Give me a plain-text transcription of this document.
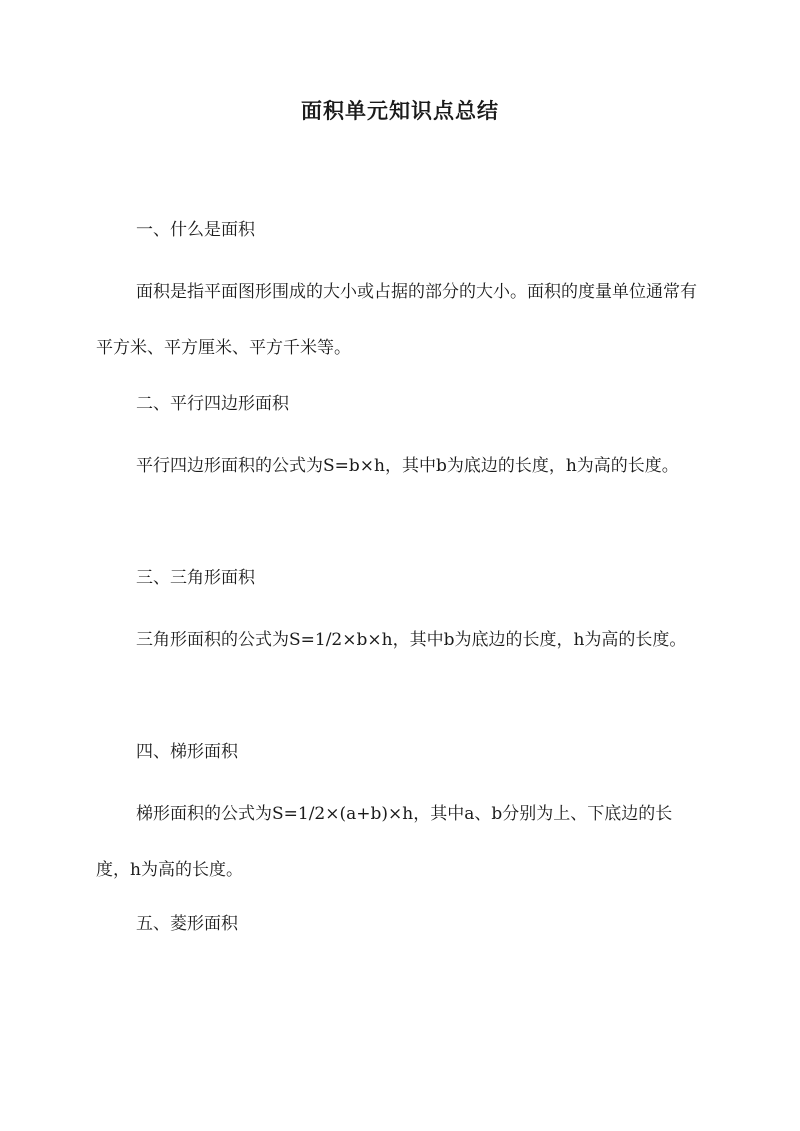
面积单元知识点总结
一、什么是面积
面积是指平面图形围成的大小或占据的部分的大小。面积的度量单位通常有平方米、平方厘米、平方千米等。
二、平行四边形面积
平行四边形面积的公式为S=b×h，其中b为底边的长度，h为高的长度。
三、三角形面积
三角形面积的公式为S=1/2×b×h，其中b为底边的长度，h为高的长度。
四、梯形面积
梯形面积的公式为S=1/2×(a+b)×h，其中a、b分别为上、下底边的长度，h为高的长度。
五、菱形面积
